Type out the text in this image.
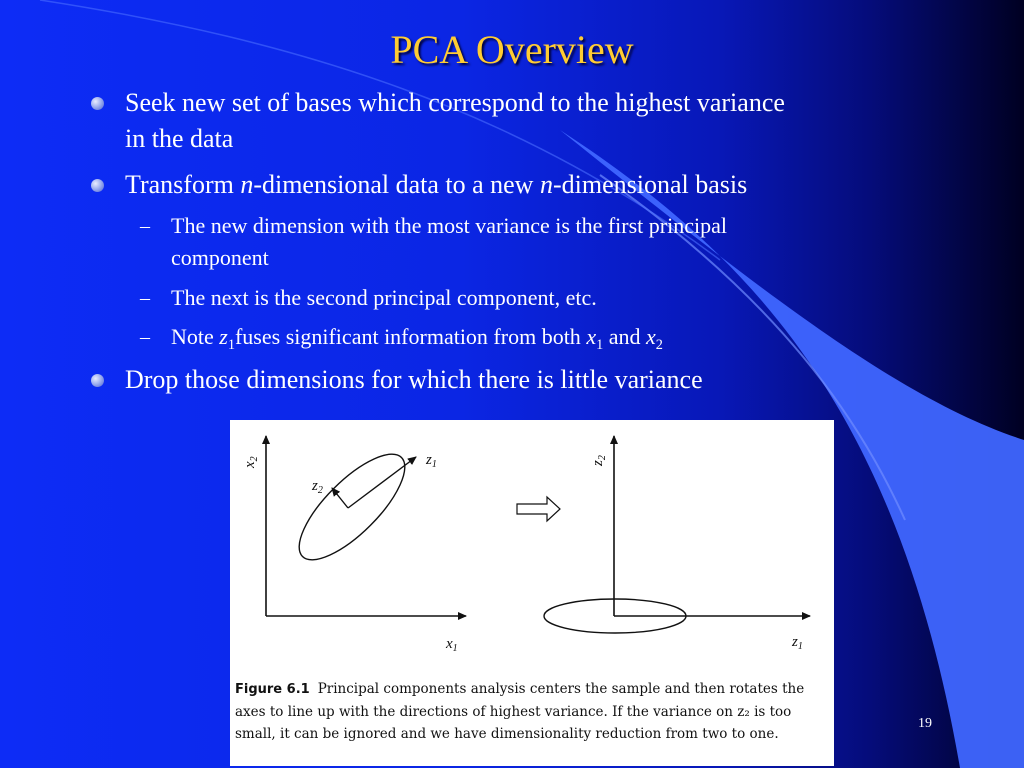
PCA Overview
Seek new set of bases which correspond to the highest variance
in the data
Transform n-dimensional data to a new n-dimensional basis
– The new dimension with the most variance is the first principal
component
– The next is the second principal component, etc.
– Note $z_1fuses$ significant information from both $x_1$ and $x_2$
Drop those dimensions for which there is little variance
$x_2$
$x_1$
$z_1$
$z_2$
$z_2$
$z_1$
Figure 6.1 Principal components analysis centers the sample and then rotates the axes to line up with the directions of highest variance. If the variance on z₂ is too small, it can be ignored and we have dimensionality reduction from two to one.
19
